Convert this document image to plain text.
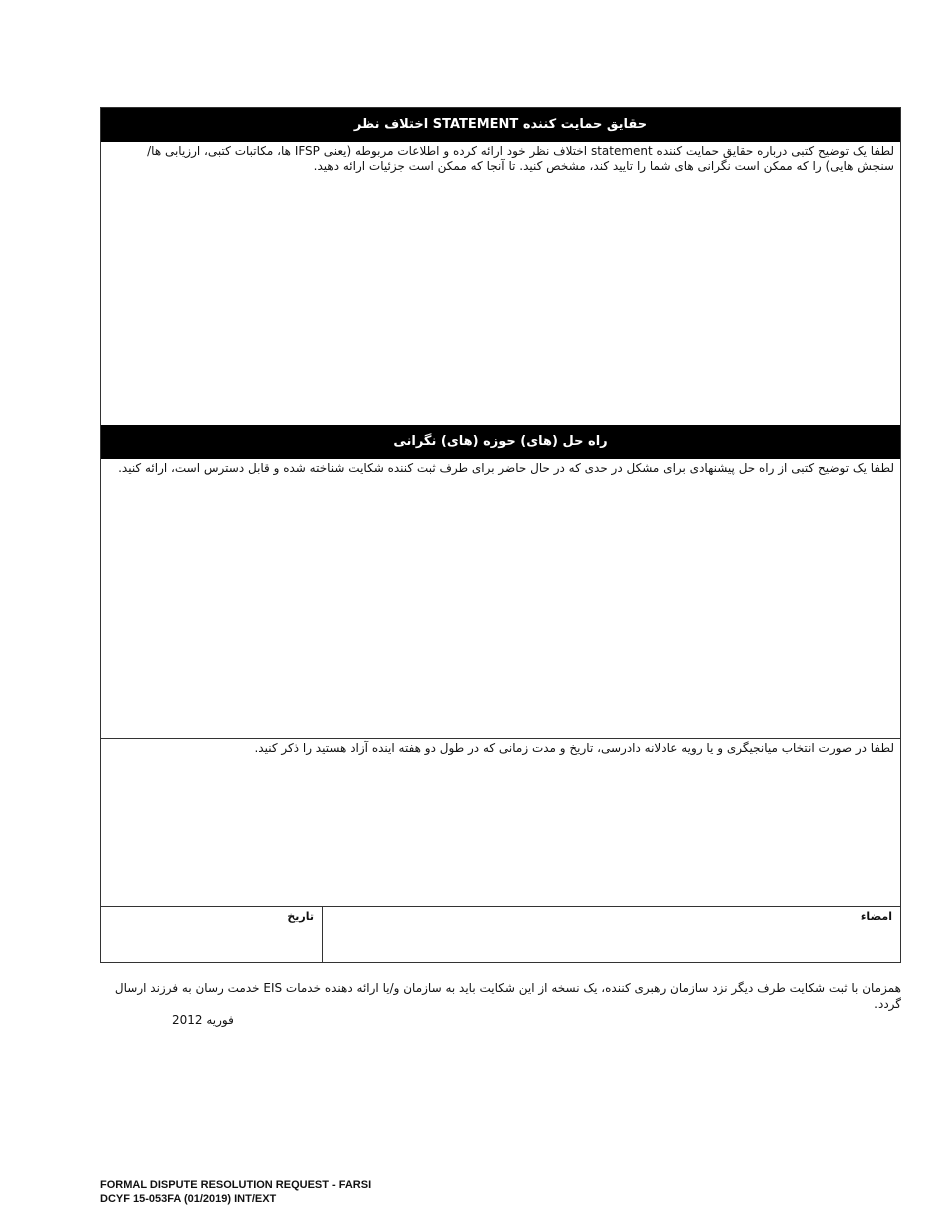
حقایق حمایت کننده STATEMENT اختلاف نظر
لطفا یک توضیح کتبی درباره حقایق حمایت کننده statement اختلاف نظر خود ارائه کرده و اطلاعات مربوطه (یعنی IFSP ها، مکاتبات کتبی، ارزیابی ها/ سنجش هایی) را که ممکن است نگرانی های شما را تایید کند، مشخص کنید. تا آنجا که ممکن است جزئیات ارائه دهید.
راه حل (های) حوزه (های) نگرانی
لطفا یک توضیح کتبی از راه حل پیشنهادی برای مشکل در حدی که در حال حاضر برای طرف ثبت کننده شکایت شناخته شده و قابل دسترس است، ارائه کنید.
لطفا در صورت انتخاب میانجیگری و یا رویه عادلانه دادرسی، تاریخ و مدت زمانی که در طول دو هفته اینده آزاد هستید را ذکر کنید.
امضاء
تاریخ
همزمان با ثبت شکایت طرف دیگر نزد سازمان رهبری کننده، یک نسخه از این شکایت باید به سازمان و/یا ارائه دهنده خدمات EIS خدمت رسان به فرزند ارسال گردد.
فوریه 2012
FORMAL DISPUTE RESOLUTION REQUEST - FARSI
DCYF 15-053FA (01/2019) INT/EXT
